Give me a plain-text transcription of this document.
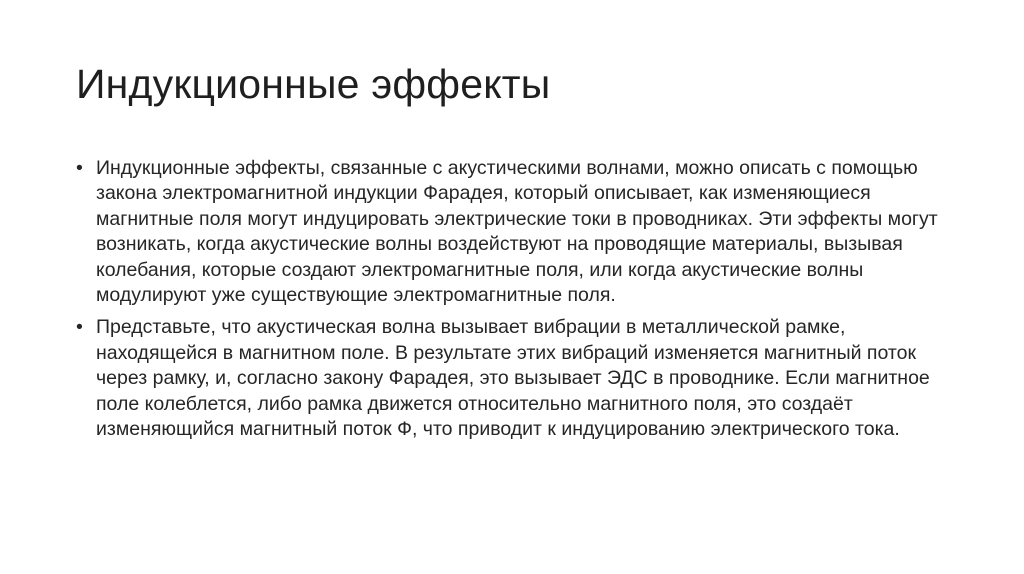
Индукционные эффекты
• Индукционные эффекты, связанные с акустическими волнами, можно описать с помощью закона электромагнитной индукции Фарадея, который описывает, как изменяющиеся магнитные поля могут индуцировать электрические токи в проводниках. Эти эффекты могут возникать, когда акустические волны воздействуют на проводящие материалы, вызывая колебания, которые создают электромагнитные поля, или когда акустические волны модулируют уже существующие электромагнитные поля.
• Представьте, что акустическая волна вызывает вибрации в металлической рамке, находящейся в магнитном поле. В результате этих вибраций изменяется магнитный поток через рамку, и, согласно закону Фарадея, это вызывает ЭДС в проводнике. Если магнитное поле колеблется, либо рамка движется относительно магнитного поля, это создаёт изменяющийся магнитный поток Ф, что приводит к индуцированию электрического тока.
